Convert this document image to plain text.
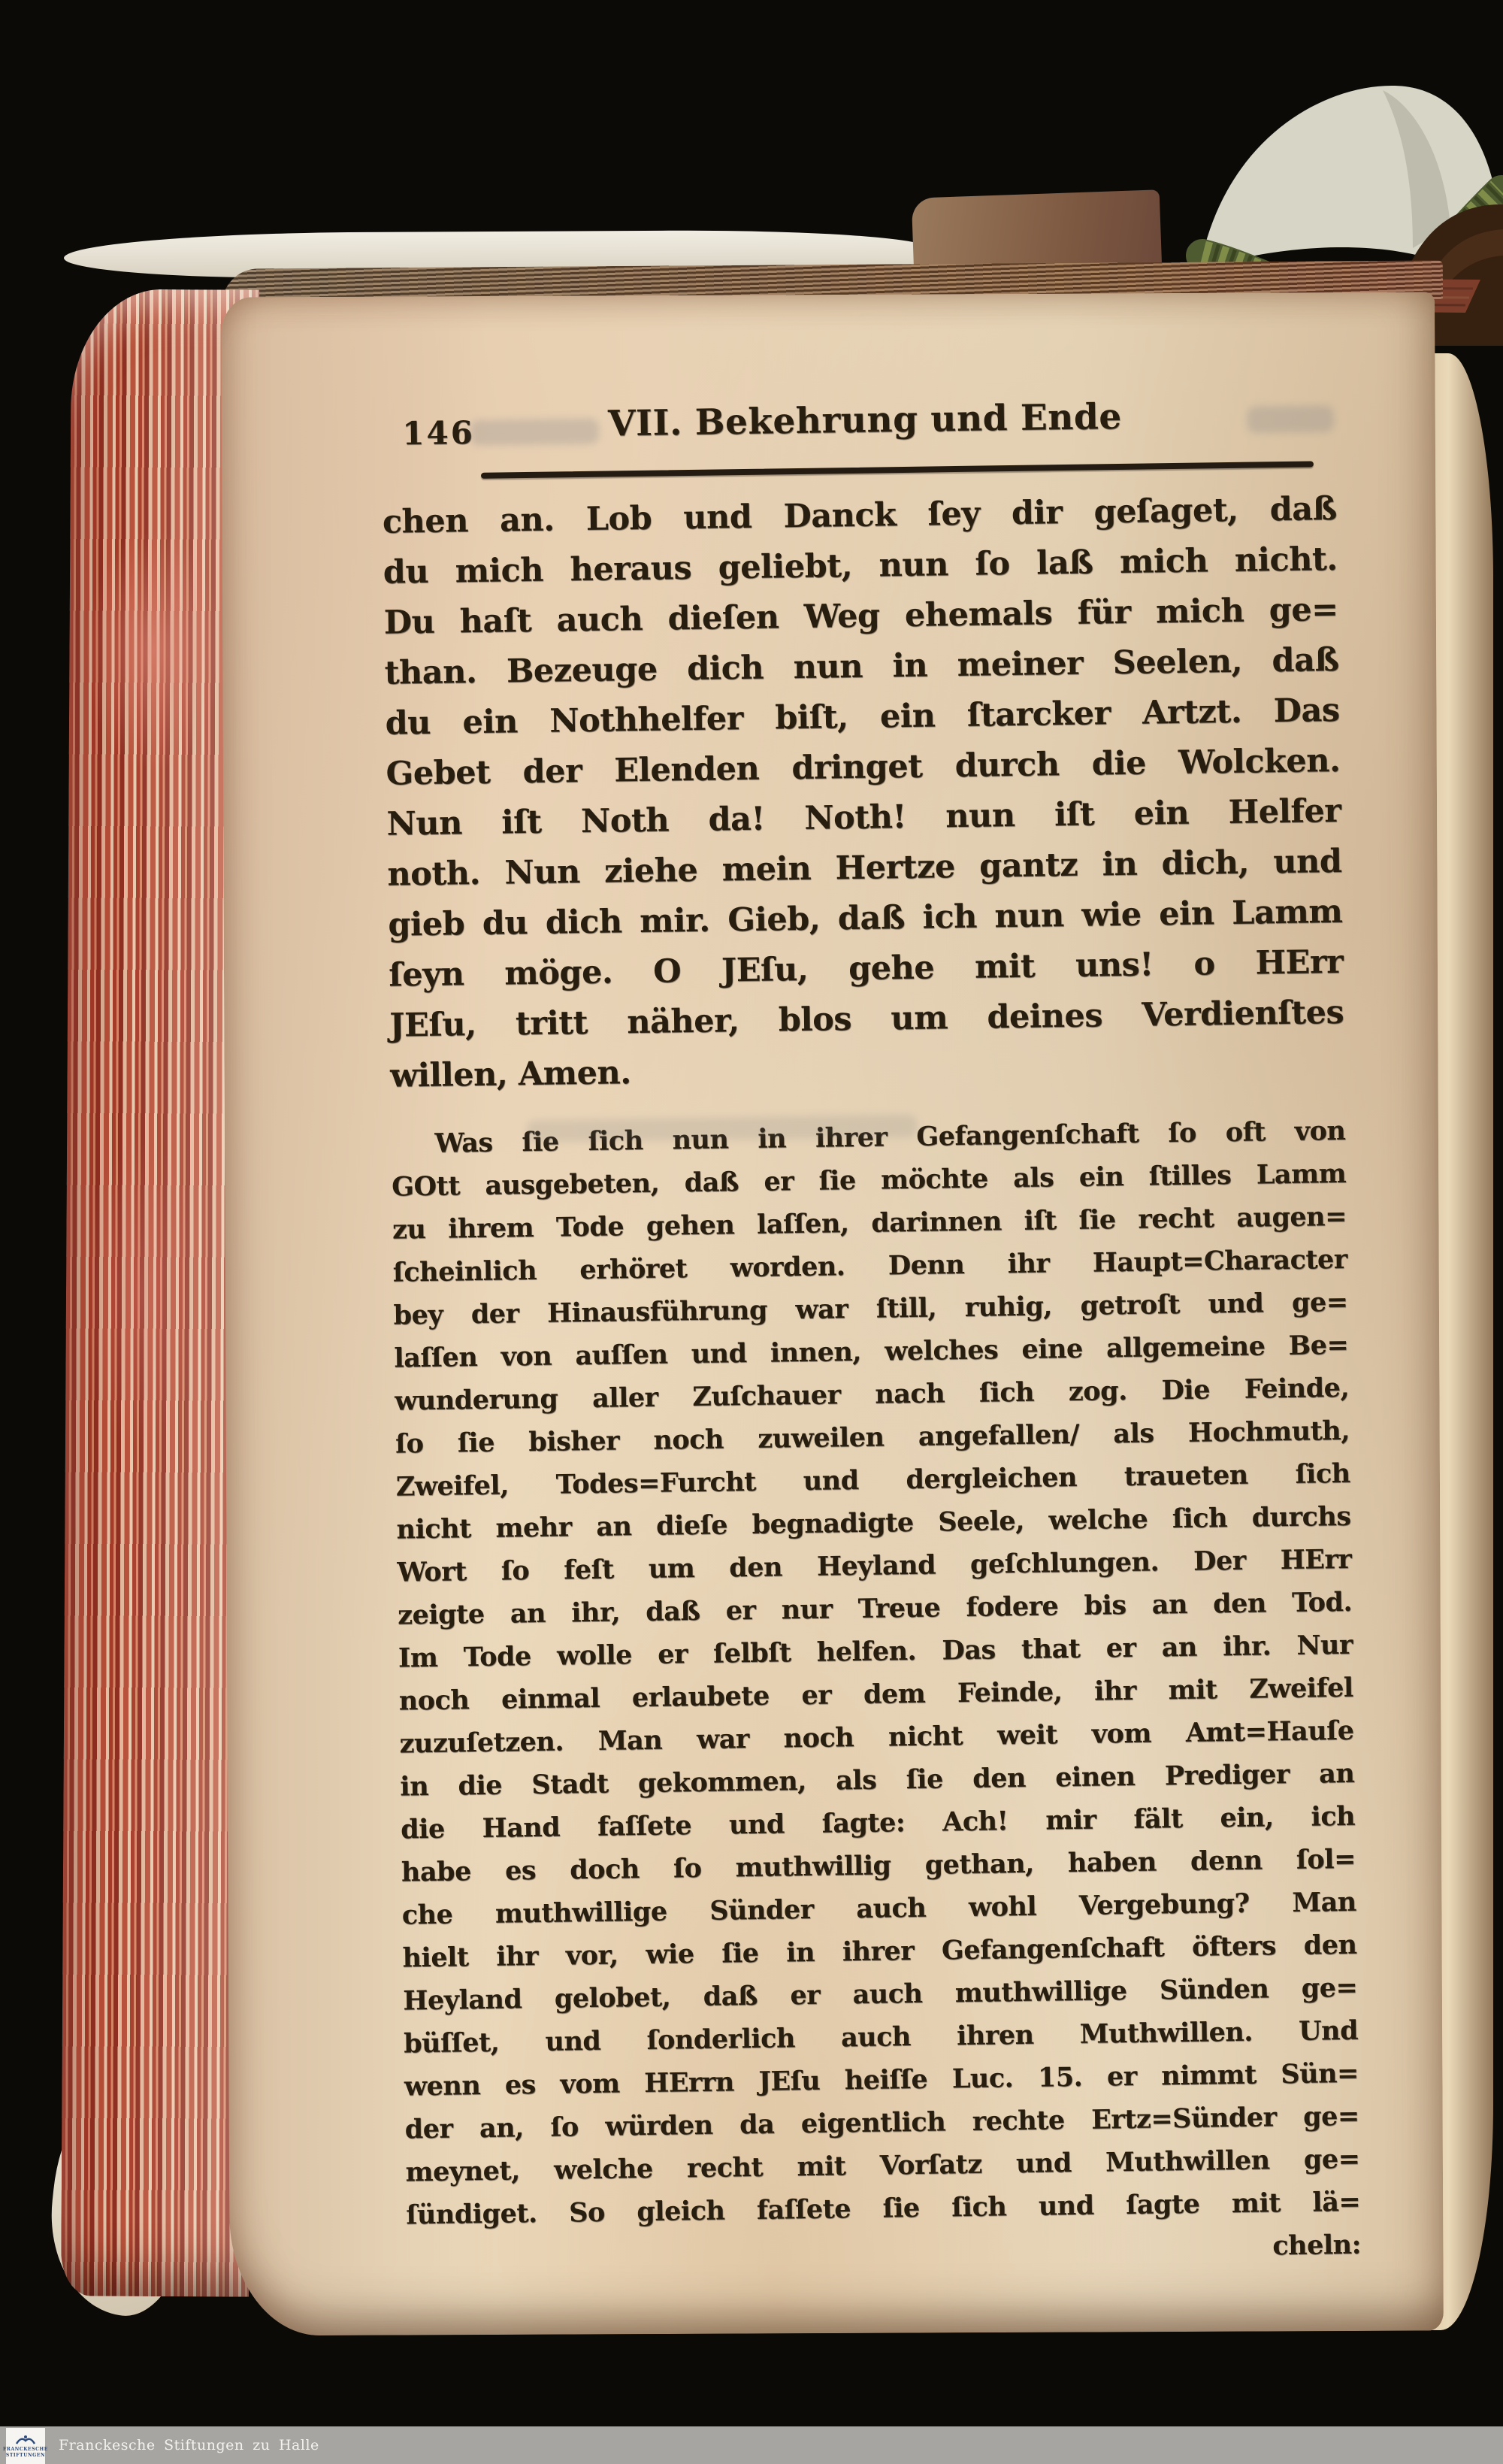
146	VII. Bekehrung und Ende
chen an. Lob und Danck ſey dir geſaget, daß
du mich heraus geliebt, nun ſo laß mich nicht.
Du haſt auch dieſen Weg ehemals für mich ge=
than. Bezeuge dich nun in meiner Seelen, daß
du ein Nothhelfer biſt, ein ſtarcker Artzt. Das
Gebet der Elenden dringet durch die Wolcken.
Nun iſt Noth da! Noth! nun iſt ein Helfer
noth. Nun ziehe mein Hertze gantz in dich, und
gieb du dich mir. Gieb, daß ich nun wie ein Lamm
ſeyn möge. O JEſu, gehe mit uns! o HErr
JEſu, tritt näher, blos um deines Verdienſtes
willen, Amen.
Was ſie ſich nun in ihrer Gefangenſchaft ſo oft von
GOtt ausgebeten, daß er ſie möchte als ein ſtilles Lamm
zu ihrem Tode gehen laſſen, darinnen iſt ſie recht augen=
ſcheinlich erhöret worden. Denn ihr Haupt=Character
bey der Hinausführung war ſtill, ruhig, getroſt und ge=
laſſen von auſſen und innen, welches eine allgemeine Be=
wunderung aller Zuſchauer nach ſich zog. Die Feinde,
ſo ſie bisher noch zuweilen angefallen/ als Hochmuth,
Zweifel, Todes=Furcht und dergleichen traueten ſich
nicht mehr an dieſe begnadigte Seele, welche ſich durchs
Wort ſo feſt um den Heyland geſchlungen. Der HErr
zeigte an ihr, daß er nur Treue fodere bis an den Tod.
Im Tode wolle er ſelbſt helfen. Das that er an ihr. Nur
noch einmal erlaubete er dem Feinde, ihr mit Zweifel
zuzuſetzen. Man war noch nicht weit vom Amt=Hauſe
in die Stadt gekommen, als ſie den einen Prediger an
die Hand faſſete und ſagte: Ach! mir fält ein, ich
habe es doch ſo muthwillig gethan, haben denn ſol=
che muthwillige Sünder auch wohl Vergebung? Man
hielt ihr vor, wie ſie in ihrer Gefangenſchaft öfters den
Heyland gelobet, daß er auch muthwillige Sünden ge=
büſſet, und ſonderlich auch ihren Muthwillen. Und
wenn es vom HErrn JEſu heiſſe Luc. 15. er nimmt Sün=
der an, ſo würden da eigentlich rechte Ertz=Sünder ge=
meynet, welche recht mit Vorſatz und Muthwillen ge=
ſündiget. So gleich faſſete ſie ſich und ſagte mit lä=
cheln:
FRANCKESCHE
STIFTUNGEN
Franckesche Stiftungen zu Halle
